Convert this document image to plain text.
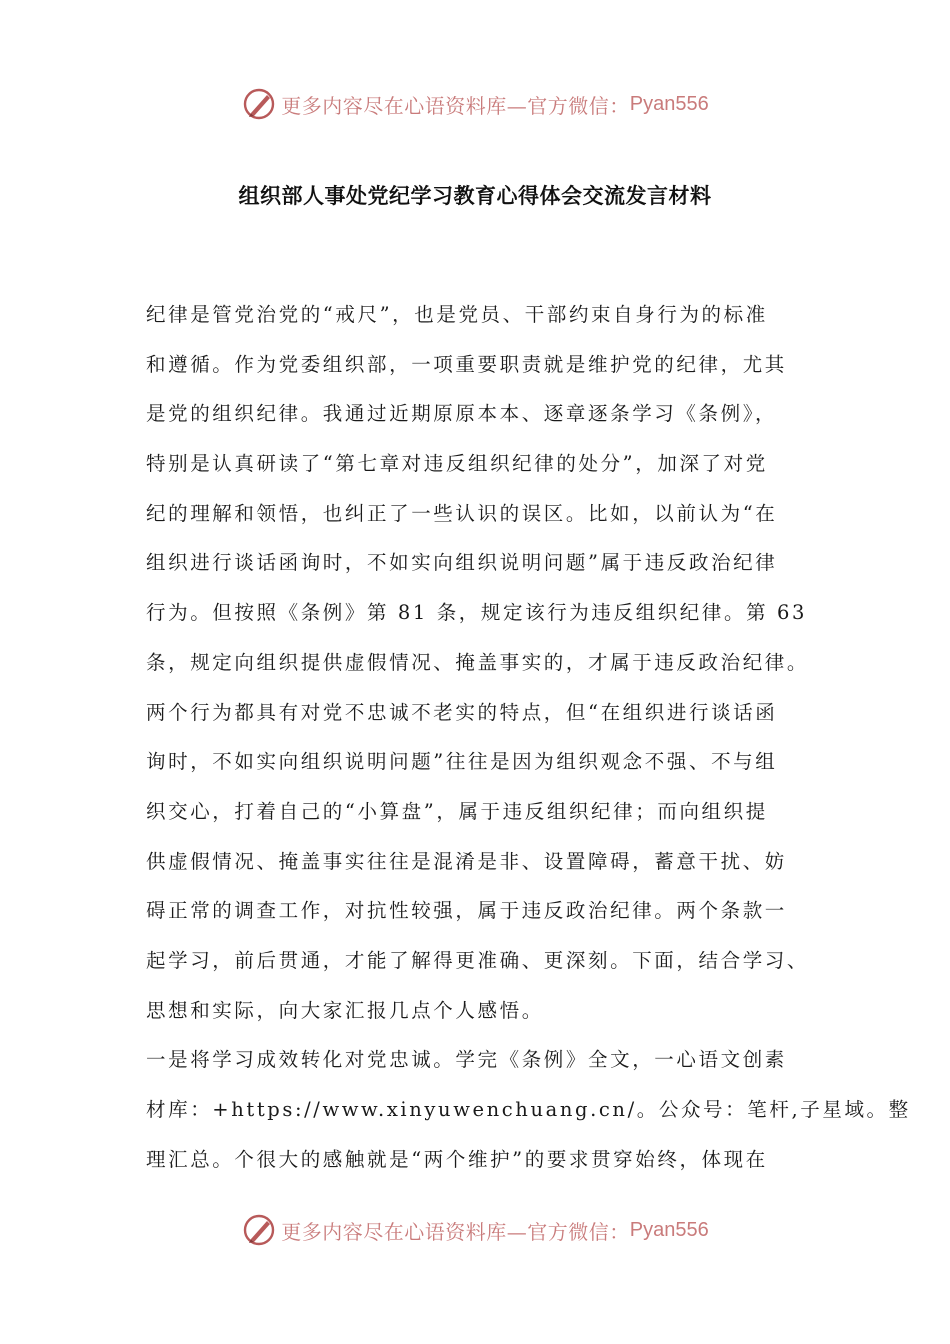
更多内容尽在心语资料库—官方微信： Pyan556
组织部人事处党纪学习教育心得体会交流发言材料
纪律是管党治党的“戒尺”，也是党员、干部约束自身行为的标准
和遵循。作为党委组织部，一项重要职责就是维护党的纪律，尤其
是党的组织纪律。我通过近期原原本本、逐章逐条学习《条例》，
特别是认真研读了“第七章对违反组织纪律的处分”，加深了对党
纪的理解和领悟，也纠正了一些认识的误区。比如，以前认为“在
组织进行谈话函询时，不如实向组织说明问题”属于违反政治纪律
行为。但按照《条例》第 81 条，规定该行为违反组织纪律。第 63
条，规定向组织提供虚假情况、掩盖事实的，才属于违反政治纪律。
两个行为都具有对党不忠诚不老实的特点，但“在组织进行谈话函
询时，不如实向组织说明问题”往往是因为组织观念不强、不与组
织交心，打着自己的“小算盘”，属于违反组织纪律；而向组织提
供虚假情况、掩盖事实往往是混淆是非、设置障碍，蓄意干扰、妨
碍正常的调查工作，对抗性较强，属于违反政治纪律。两个条款一
起学习，前后贯通，才能了解得更准确、更深刻。下面，结合学习、
思想和实际，向大家汇报几点个人感悟。
一是将学习成效转化对党忠诚。学完《条例》全文，一心语文创素
材库：+https://www.xinyuwenchuang.cn/。公众号：笔杆,子星域。整
理汇总。个很大的感触就是“两个维护”的要求贯穿始终，体现在
更多内容尽在心语资料库—官方微信： Pyan556
